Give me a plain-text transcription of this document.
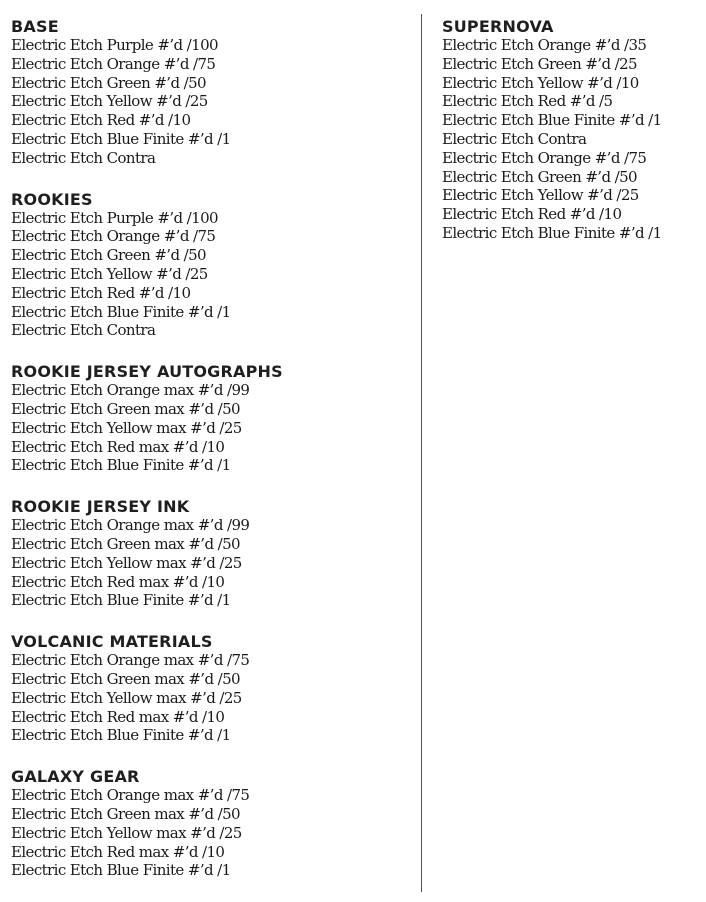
BASE
Electric Etch Purple #’d /100
Electric Etch Orange #’d /75
Electric Etch Green #’d /50
Electric Etch Yellow #’d /25
Electric Etch Red #’d /10
Electric Etch Blue Finite #’d /1
Electric Etch Contra
ROOKIES
Electric Etch Purple #’d /100
Electric Etch Orange #’d /75
Electric Etch Green #’d /50
Electric Etch Yellow #’d /25
Electric Etch Red #’d /10
Electric Etch Blue Finite #’d /1
Electric Etch Contra
ROOKIE JERSEY AUTOGRAPHS
Electric Etch Orange max #’d /99
Electric Etch Green max #’d /50
Electric Etch Yellow max #’d /25
Electric Etch Red max #’d /10
Electric Etch Blue Finite #’d /1
ROOKIE JERSEY INK
Electric Etch Orange max #’d /99
Electric Etch Green max #’d /50
Electric Etch Yellow max #’d /25
Electric Etch Red max #’d /10
Electric Etch Blue Finite #’d /1
VOLCANIC MATERIALS
Electric Etch Orange max #’d /75
Electric Etch Green max #’d /50
Electric Etch Yellow max #’d /25
Electric Etch Red max #’d /10
Electric Etch Blue Finite #’d /1
GALAXY GEAR
Electric Etch Orange max #’d /75
Electric Etch Green max #’d /50
Electric Etch Yellow max #’d /25
Electric Etch Red max #’d /10
Electric Etch Blue Finite #’d /1
SUPERNOVA
Electric Etch Orange #’d /35
Electric Etch Green #’d /25
Electric Etch Yellow #’d /10
Electric Etch Red #’d /5
Electric Etch Blue Finite #’d /1
Electric Etch Contra
Electric Etch Orange #’d /75
Electric Etch Green #’d /50
Electric Etch Yellow #’d /25
Electric Etch Red #’d /10
Electric Etch Blue Finite #’d /1
